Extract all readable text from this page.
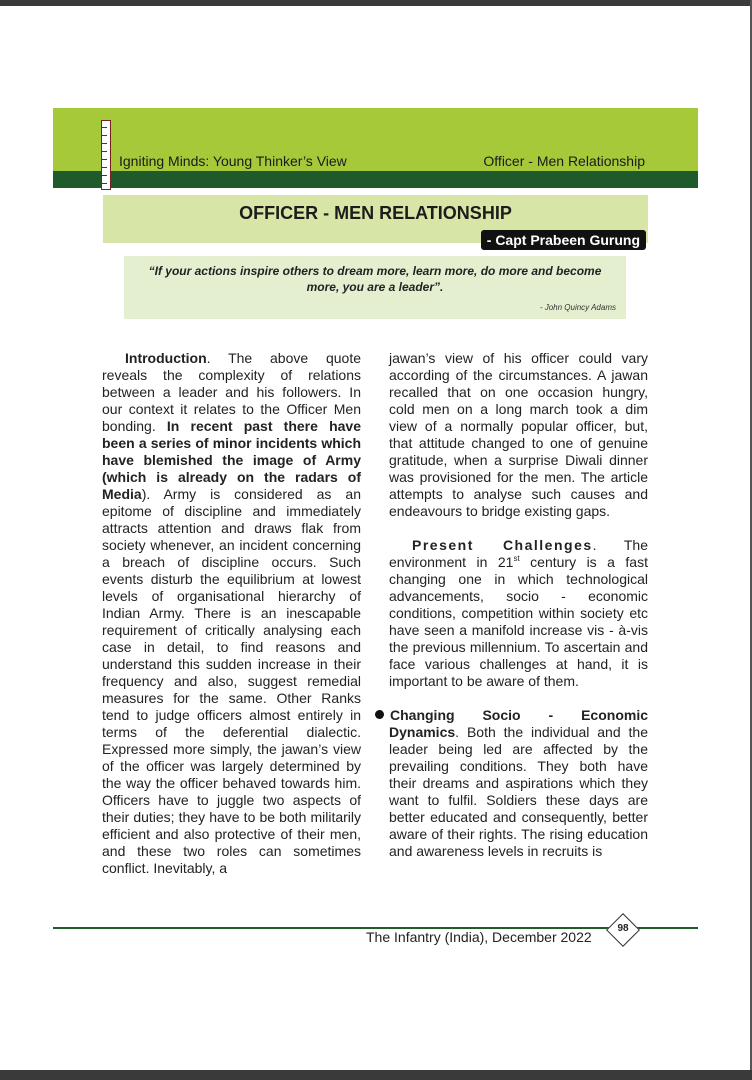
Igniting Minds: Young Thinker’s View	Officer - Men Relationship
OFFICER - MEN RELATIONSHIP
- Capt Prabeen Gurung
“If your actions inspire others to dream more, learn more, do more and become
more, you are a leader”.
- John Quincy Adams

Introduction. The above quote reveals the complexity of relations between a leader and his followers. In our context it relates to the Officer Men bonding. In recent past there have been a series of minor incidents which have blemished the image of Army (which is already on the radars of Media). Army is considered as an epitome of discipline and immediately attracts attention and draws flak from society whenever, an incident concerning a breach of discipline occurs. Such events disturb the equilibrium at lowest levels of organisational hierarchy of Indian Army. There is an inescapable requirement of critically analysing each case in detail, to find reasons and understand this sudden increase in their frequency and also, suggest remedial measures for the same. Other Ranks tend to judge officers almost entirely in terms of the deferential dialectic. Expressed more simply, the jawan’s view of the officer was largely determined by the way the officer behaved towards him. Officers have to juggle two aspects of their duties; they have to be both militarily efficient and also protective of their men, and these two roles can sometimes conflict. Inevitably, a

jawan’s view of his officer could vary according of the circumstances. A jawan recalled that on one occasion hungry, cold men on a long march took a dim view of a normally popular officer, but, that attitude changed to one of genuine gratitude, when a surprise Diwali dinner was provisioned for the men. The article attempts to analyse such causes and endeavours to bridge existing gaps.

Present Challenges. The environment in 21st century is a fast changing one in which technological advancements, socio - economic conditions, competition within society etc have seen a manifold increase vis - à-vis the previous millennium. To ascertain and face various challenges at hand, it is important to be aware of them.

Changing Socio - Economic Dynamics. Both the individual and the leader being led are affected by the prevailing conditions. They both have their dreams and aspirations which they want to fulfil. Soldiers these days are better educated and consequently, better aware of their rights. The rising education and awareness levels in recruits is

The Infantry (India), December 2022
98
